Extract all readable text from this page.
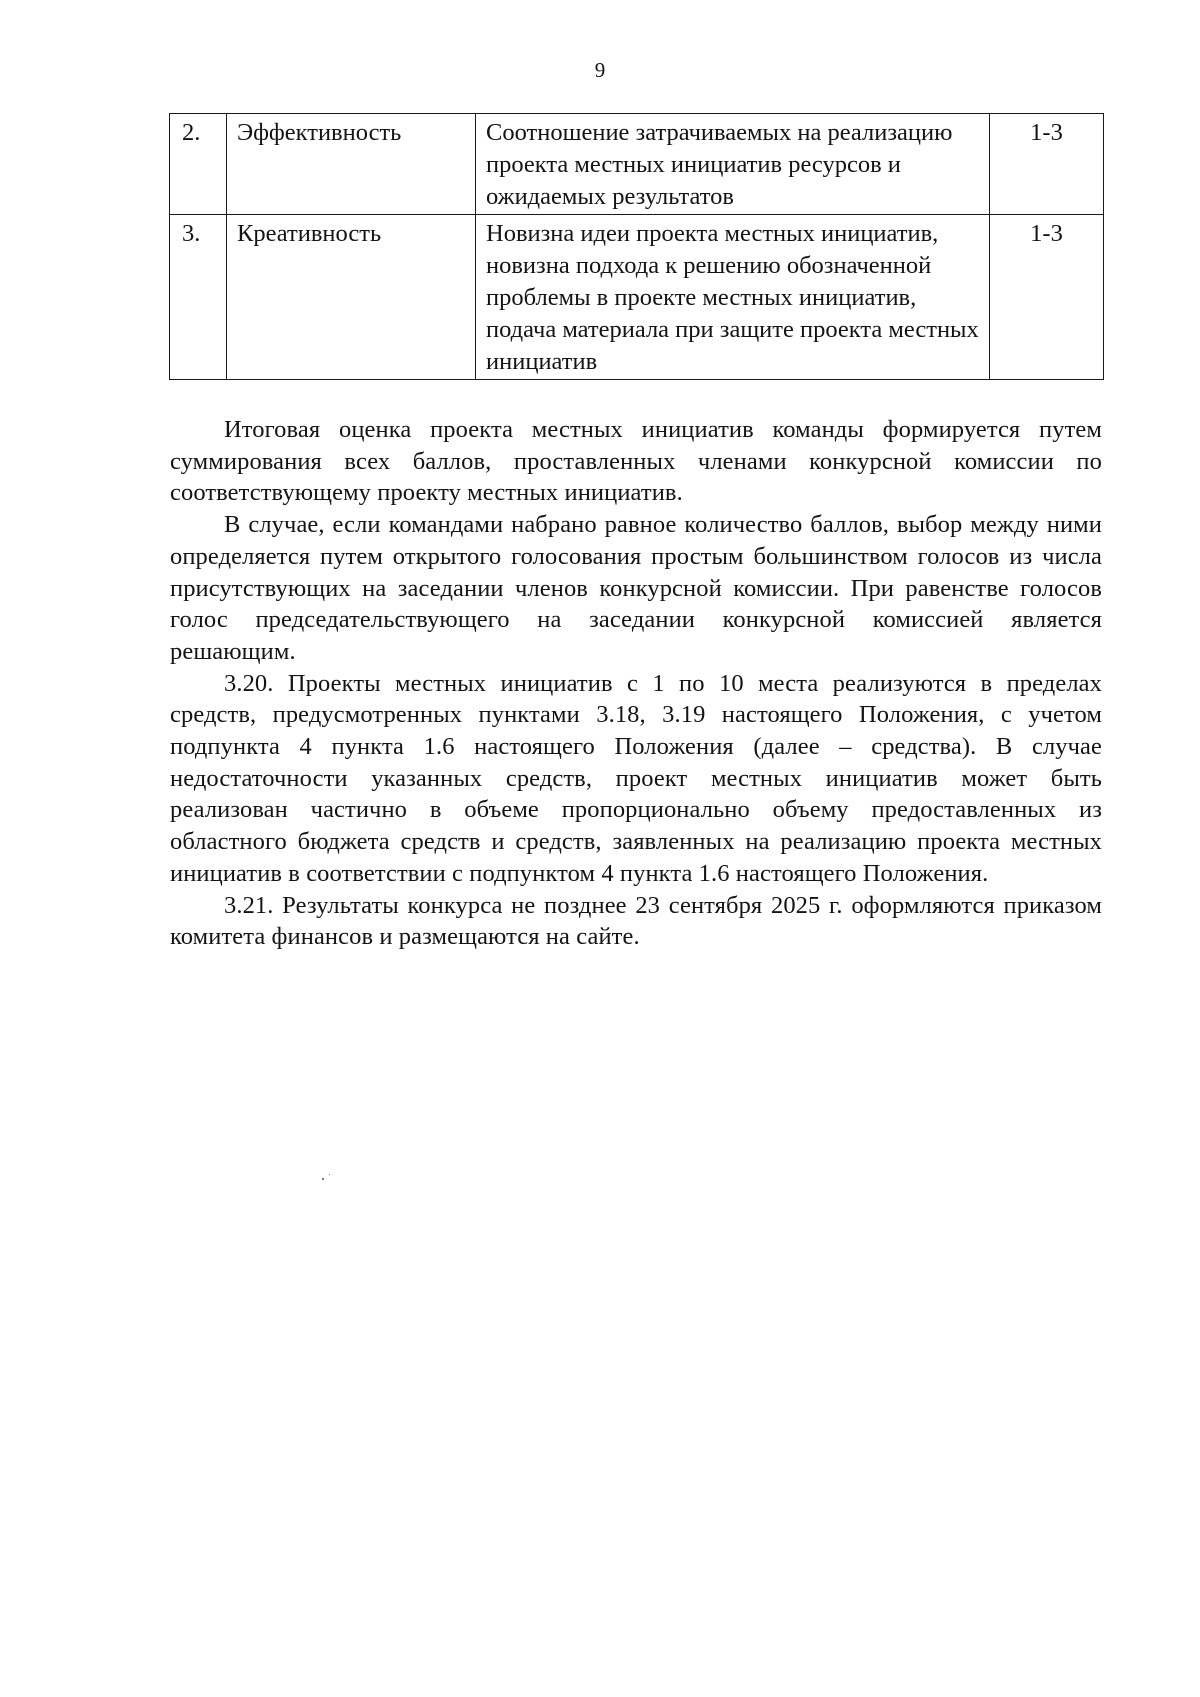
9
2.	Эффективность	Соотношение затрачиваемых на реализацию проекта местных инициатив ресурсов и ожидаемых результатов	1-3
3.	Креативность	Новизна идеи проекта местных инициатив, новизна подхода к решению обозначенной проблемы в проекте местных инициатив, подача материала при защите проекта местных инициатив	1-3

Итоговая оценка проекта местных инициатив команды формируется путем суммирования всех баллов, проставленных членами конкурсной комиссии по соответствующему проекту местных инициатив.

В случае, если командами набрано равное количество баллов, выбор между ними определяется путем открытого голосования простым большинством голосов из числа присутствующих на заседании членов конкурсной комиссии. При равенстве голосов голос председательствующего на заседании конкурсной комиссией является решающим.

3.20. Проекты местных инициатив с 1 по 10 места реализуются в пределах средств, предусмотренных пунктами 3.18, 3.19 настоящего Положения, с учетом подпункта 4 пункта 1.6 настоящего Положения (далее – средства). В случае недостаточности указанных средств, проект местных инициатив может быть реализован частично в объеме пропорционально объему предоставленных из областного бюджета средств и средств, заявленных на реализацию проекта местных инициатив в соответствии с подпунктом 4 пункта 1.6 настоящего Положения.

3.21. Результаты конкурса не позднее 23 сентября 2025 г. оформляются приказом комитета финансов и размещаются на сайте.
